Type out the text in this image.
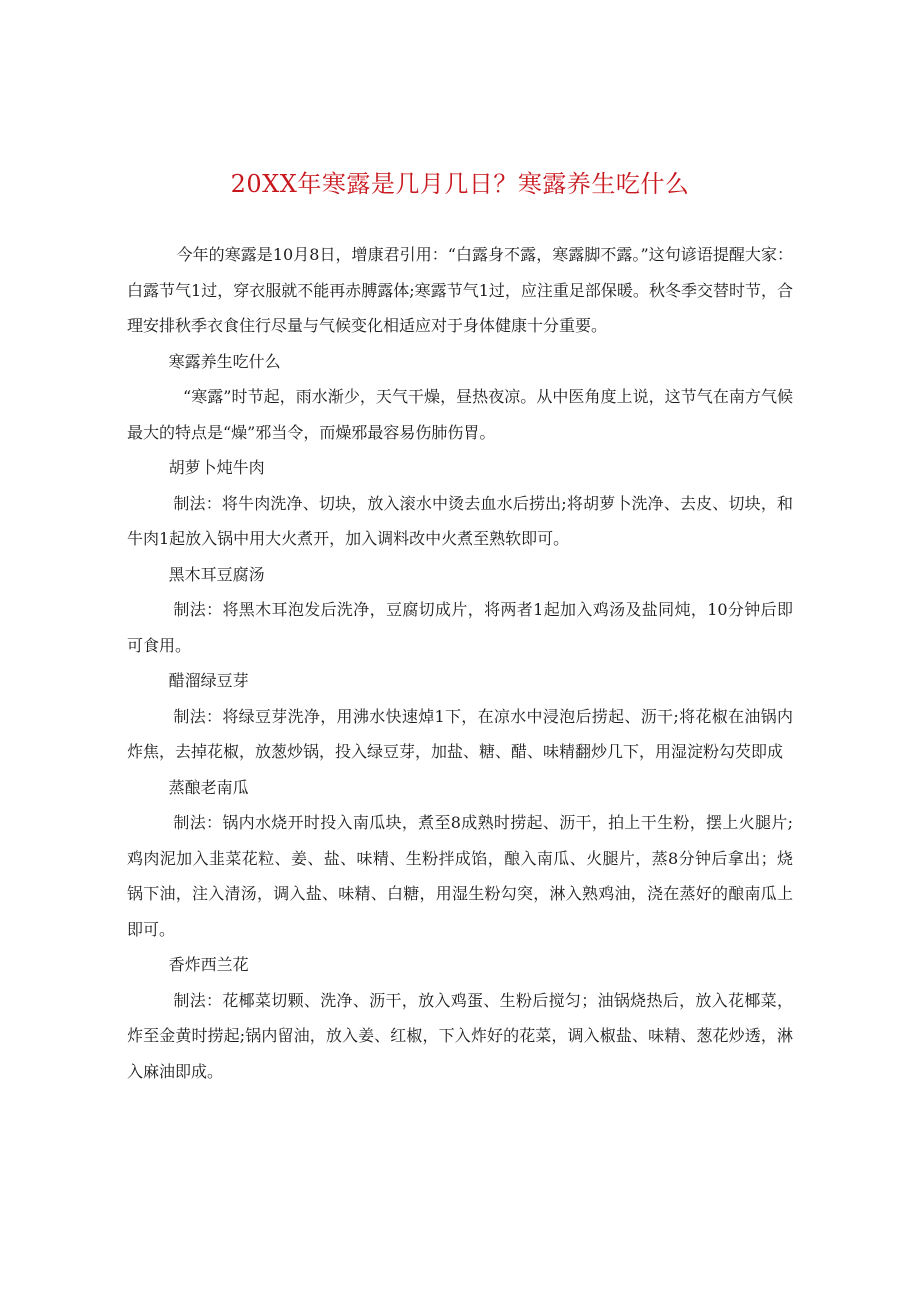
20XX年寒露是几月几日？寒露养生吃什么

今年的寒露是10月8日，增康君引用：“白露身不露，寒露脚不露。”这句谚语提醒大家：白露节气1过，穿衣服就不能再赤膊露体;寒露节气1过，应注重足部保暖。秋冬季交替时节，合理安排秋季衣食住行尽量与气候变化相适应对于身体健康十分重要。

寒露养生吃什么

“寒露”时节起，雨水渐少，天气干燥，昼热夜凉。从中医角度上说，这节气在南方气候最大的特点是“燥”邪当令，而燥邪最容易伤肺伤胃。

胡萝卜炖牛肉

制法：将牛肉洗净、切块，放入滚水中烫去血水后捞出;将胡萝卜洗净、去皮、切块，和牛肉1起放入锅中用大火煮开，加入调料改中火煮至熟软即可。

黑木耳豆腐汤

制法：将黑木耳泡发后洗净，豆腐切成片，将两者1起加入鸡汤及盐同炖，10分钟后即可食用。

醋溜绿豆芽

制法：将绿豆芽洗净，用沸水快速焯1下，在凉水中浸泡后捞起、沥干;将花椒在油锅内炸焦，去掉花椒，放葱炒锅，投入绿豆芽，加盐、糖、醋、味精翻炒几下，用湿淀粉勾芡即成

蒸酿老南瓜

制法：锅内水烧开时投入南瓜块，煮至8成熟时捞起、沥干，拍上干生粉，摆上火腿片;鸡肉泥加入韭菜花粒、姜、盐、味精、生粉拌成馅，酿入南瓜、火腿片，蒸8分钟后拿出；烧锅下油，注入清汤，调入盐、味精、白糖，用湿生粉勾突，淋入熟鸡油，浇在蒸好的酿南瓜上即可。

香炸西兰花

制法：花椰菜切颗、洗净、沥干，放入鸡蛋、生粉后搅匀；油锅烧热后，放入花椰菜，炸至金黄时捞起;锅内留油，放入姜、红椒，下入炸好的花菜，调入椒盐、味精、葱花炒透，淋入麻油即成。
